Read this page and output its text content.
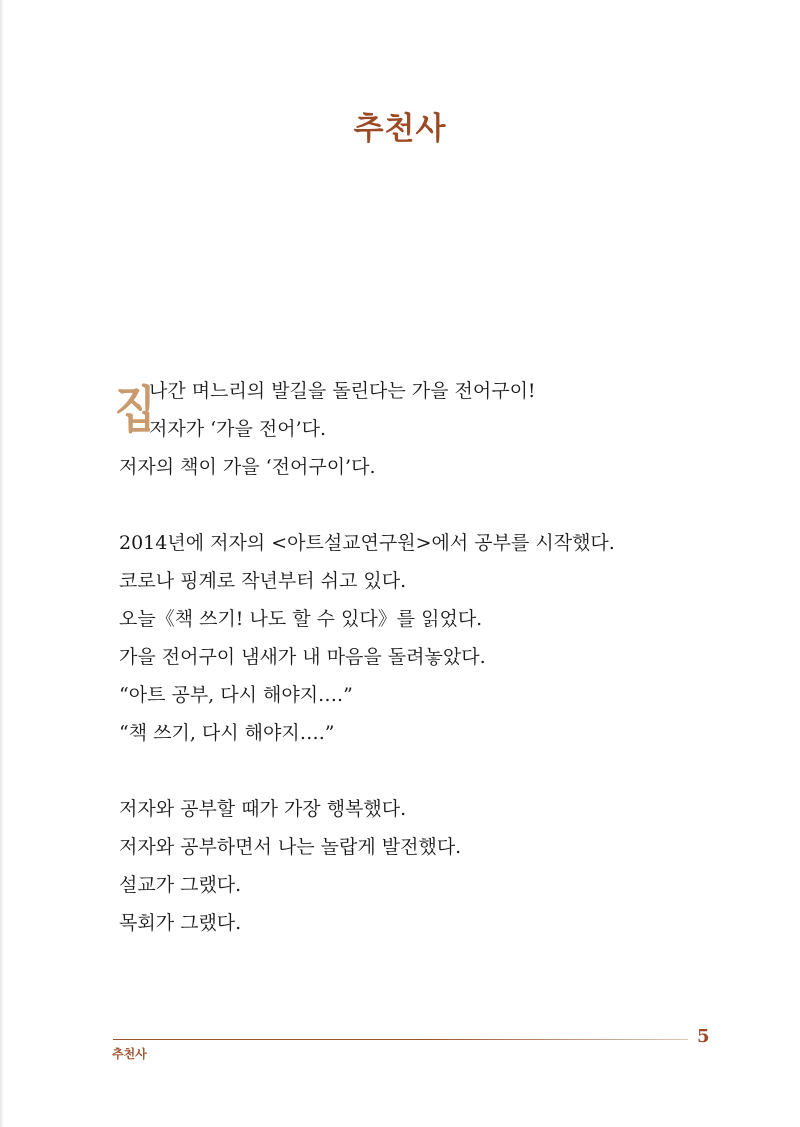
추천사
집
나간 며느리의 발길을 돌린다는 가을 전어구이!
저자가 ‘가을 전어’다.
저자의 책이 가을 ‘전어구이’다.
2014년에 저자의 <아트설교연구원>에서 공부를 시작했다.
코로나 핑계로 작년부터 쉬고 있다.
오늘《책 쓰기! 나도 할 수 있다》를 읽었다.
가을 전어구이 냄새가 내 마음을 돌려놓았다.
“아트 공부, 다시 해야지….”
“책 쓰기, 다시 해야지….”
저자와 공부할 때가 가장 행복했다.
저자와 공부하면서 나는 놀랍게 발전했다.
설교가 그랬다.
목회가 그랬다.
추천사
5
